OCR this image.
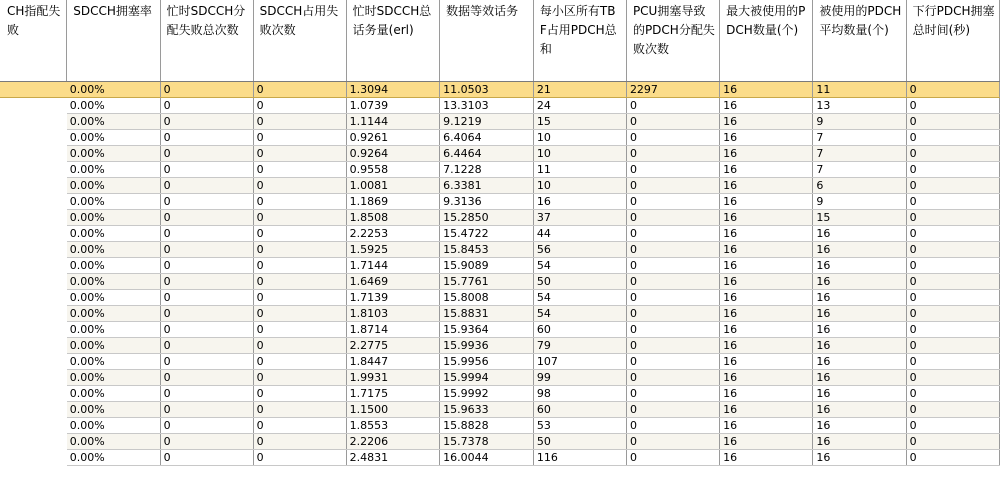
CH指配失败	SDCCH拥塞率	忙时SDCCH分配失败总次数	SDCCH占用失败次数	忙时SDCCH总话务量(erl)	数据等效话务	每小区所有TBF占用PDCH总和	PCU拥塞导致的PDCH分配失败次数	最大被使用的PDCH数量(个)	被使用的PDCH平均数量(个)	下行PDCH拥塞总时间(秒)
	0.00%	0	0	1.3094	11.0503	21	2297	16	11	0
	0.00%	0	0	1.0739	13.3103	24	0	16	13	0
	0.00%	0	0	1.1144	9.1219	15	0	16	9	0
	0.00%	0	0	0.9261	6.4064	10	0	16	7	0
	0.00%	0	0	0.9264	6.4464	10	0	16	7	0
	0.00%	0	0	0.9558	7.1228	11	0	16	7	0
	0.00%	0	0	1.0081	6.3381	10	0	16	6	0
	0.00%	0	0	1.1869	9.3136	16	0	16	9	0
	0.00%	0	0	1.8508	15.2850	37	0	16	15	0
	0.00%	0	0	2.2253	15.4722	44	0	16	16	0
	0.00%	0	0	1.5925	15.8453	56	0	16	16	0
	0.00%	0	0	1.7144	15.9089	54	0	16	16	0
	0.00%	0	0	1.6469	15.7761	50	0	16	16	0
	0.00%	0	0	1.7139	15.8008	54	0	16	16	0
	0.00%	0	0	1.8103	15.8831	54	0	16	16	0
	0.00%	0	0	1.8714	15.9364	60	0	16	16	0
	0.00%	0	0	2.2775	15.9936	79	0	16	16	0
	0.00%	0	0	1.8447	15.9956	107	0	16	16	0
	0.00%	0	0	1.9931	15.9994	99	0	16	16	0
	0.00%	0	0	1.7175	15.9992	98	0	16	16	0
	0.00%	0	0	1.1500	15.9633	60	0	16	16	0
	0.00%	0	0	1.8553	15.8828	53	0	16	16	0
	0.00%	0	0	2.2206	15.7378	50	0	16	16	0
	0.00%	0	0	2.4831	16.0044	116	0	16	16	0
